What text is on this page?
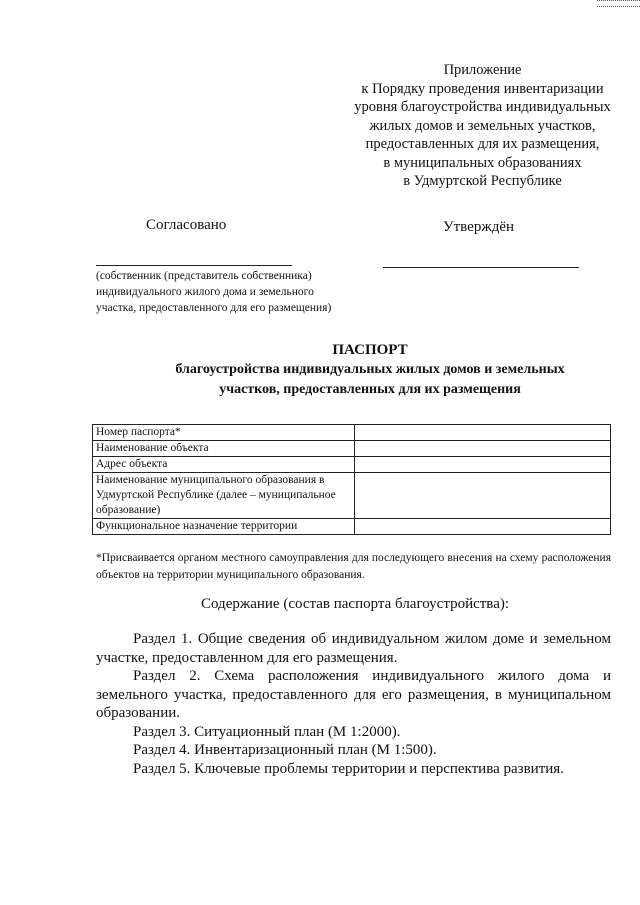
Приложение
к Порядку проведения инвентаризации
уровня благоустройства индивидуальных
жилых домов и земельных участков,
предоставленных для их размещения,
в муниципальных образованиях
в Удмуртской Республике
Согласовано	Утверждён
(собственник (представитель собственника)
индивидуального жилого дома и земельного
участка, предоставленного для его размещения)
ПАСПОРТ
благоустройства индивидуальных жилых домов и земельных
участков, предоставленных для их размещения
Номер паспорта*	
Наименование объекта	
Адрес объекта	
Наименование муниципального образования в Удмуртской Республике (далее – муниципальное образование)	
Функциональное назначение территории	
*Присваивается органом местного самоуправления для последующего внесения на схему расположения объектов на территории муниципального образования.
Содержание (состав паспорта благоустройства):
Раздел 1. Общие сведения об индивидуальном жилом доме и земельном участке, предоставленном для его размещения.
Раздел 2. Схема расположения индивидуального жилого дома и земельного участка, предоставленного для его размещения, в муниципальном образовании.
Раздел 3. Ситуационный план (М 1:2000).
Раздел 4. Инвентаризационный план (М 1:500).
Раздел 5. Ключевые проблемы территории и перспектива развития.
